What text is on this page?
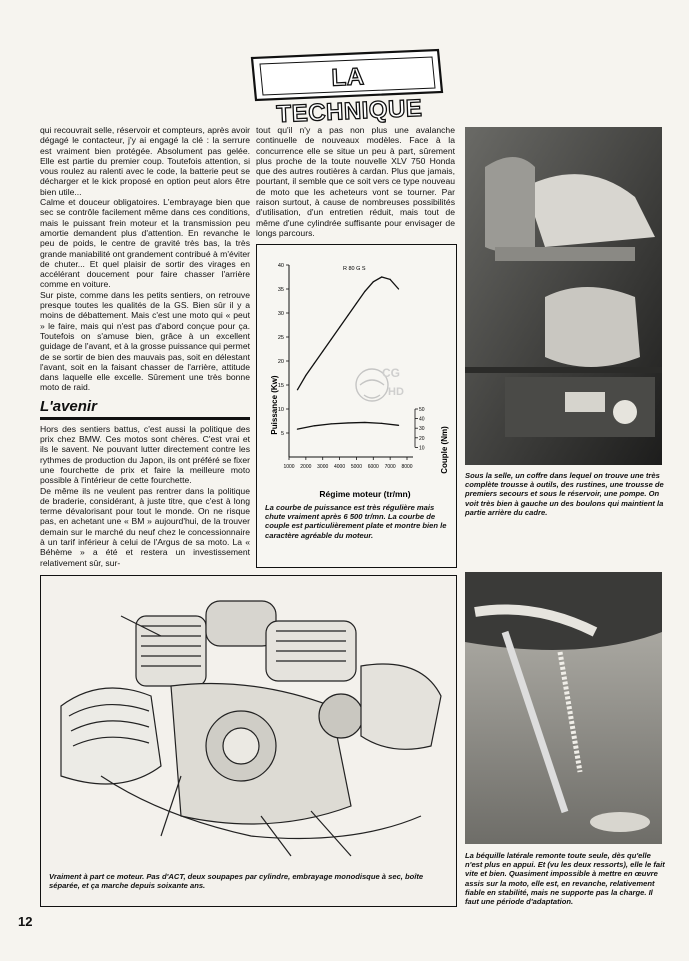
LA TECHNIQUE

qui recouvrait selle, réservoir et compteurs, après avoir dégagé le contacteur, j'y ai engagé la clé : la serrure est vraiment bien protégée. Absolument pas gelée. Elle est partie du premier coup. Toutefois attention, si vous roulez au ralenti avec le code, la batterie peut se décharger et le kick proposé en option peut alors être bien utile...

Calme et douceur obligatoires. L'embrayage bien que sec se contrôle facilement même dans ces conditions, mais le puissant frein moteur et la transmission peu amortie demandent plus d'attention. En revanche le peu de poids, le centre de gravité très bas, la très grande maniabilité ont grandement contribué à m'éviter de chuter... Et quel plaisir de sortir des virages en accélérant doucement pour faire chasser l'arrière comme en voiture.

Sur piste, comme dans les petits sentiers, on retrouve presque toutes les qualités de la GS. Bien sûr il y a moins de débattement. Mais c'est une moto qui « peut » le faire, mais qui n'est pas d'abord conçue pour ça. Toutefois on s'amuse bien, grâce à un excellent guidage de l'avant, et à la grosse puissance qui permet de se sortir de bien des mauvais pas, soit en délestant l'avant, soit en la faisant chasser de l'arrière, attitude dans laquelle elle excelle. Sûrement une très bonne moto de raid.

L'avenir

Hors des sentiers battus, c'est aussi la politique des prix chez BMW. Ces motos sont chères. C'est vrai et ils le savent. Ne pouvant lutter directement contre les rythmes de production du Japon, ils ont préféré se fixer une fourchette de prix et faire la meilleure moto possible à l'intérieur de cette fourchette.

De même ils ne veulent pas rentrer dans la politique de braderie, considérant, à juste titre, que c'est à long terme dévalorisant pour tout le monde. On ne risque pas, en achetant une « BM » aujourd'hui, de la trouver demain sur le marché du neuf chez le concessionnaire à un tarif inférieur à celui de l'Argus de sa moto. La « Béhème » a été et restera un investissement relativement sûr, sur-

tout qu'il n'y a pas non plus une avalanche continuelle de nouveaux modèles. Face à la concurrence elle se situe un peu à part, sûrement plus proche de la toute nouvelle XLV 750 Honda que des autres routières à cardan. Plus que jamais, pourtant, il semble que ce soit vers ce type nouveau de moto que les acheteurs vont se tourner. Par raison surtout, à cause de nombreuses possibilités d'utilisation, d'un entretien réduit, mais tout de même d'une cylindrée suffisante pour envisager de longs parcours.

5
10
15
20
25
30
35
40
1000 2000 3000 4000 5000 6000 7000 8000
10
20
30
40
50
R 80 G S
Puissance (Kw)
Couple (Nm)
Régime moteur (tr/mn)
CG
HD
La courbe de puissance est très régulière mais chute vraiment après 6 500 tr/mn. La courbe de couple est particulièrement plate et montre bien le caractère agréable du moteur.
Sous la selle, un coffre dans lequel on trouve une très complète trousse à outils, des rustines, une trousse de premiers secours et sous le réservoir, une pompe. On voit très bien à gauche un des boulons qui maintient la partie arrière du cadre.
La béquille latérale remonte toute seule, dès qu'elle n'est plus en appui. Et (vu les deux ressorts), elle le fait vite et bien. Quasiment impossible à mettre en œuvre assis sur la moto, elle est, en revanche, relativement fiable en stabilité, mais ne supporte pas la charge. Il faut une période d'adaptation.
Vraiment à part ce moteur. Pas d'ACT, deux soupapes par cylindre, embrayage monodisque à sec, boîte séparée, et ça marche depuis soixante ans.
12
